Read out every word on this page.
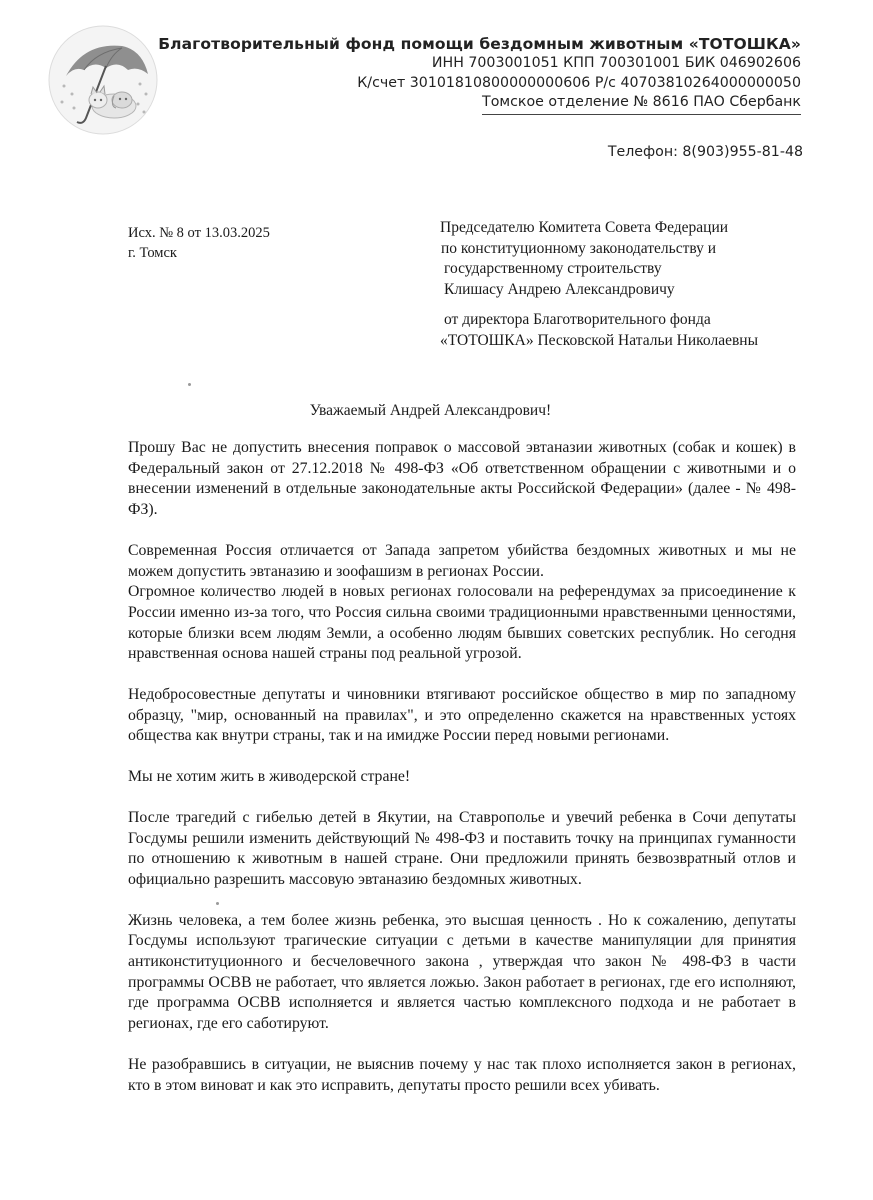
Благотворительный фонд помощи бездомным животным «ТОТОШКА»
ИНН 7003001051 КПП 700301001 БИК 046902606
К/счет 30101810800000000606 Р/с 40703810264000000050
Томское отделение № 8616 ПАО Сбербанк
Телефон: 8(903)955-81-48
Исх. № 8 от 13.03.2025
г. Томск
Председателю Комитета Совета Федерации
по конституционному законодательству и
государственному строительству
Клишасу Андрею Александровичу
от директора Благотворительного фонда
«ТОТОШКА» Песковской Натальи Николаевны
Уважаемый Андрей Александрович!

Прошу Вас не допустить внесения поправок о массовой эвтаназии животных (собак и кошек) в Федеральный закон от 27.12.2018 № 498-ФЗ «Об ответственном обращении с животными и о внесении изменений в отдельные законодательные акты Российской Федерации» (далее - № 498-ФЗ).

Современная Россия отличается от Запада запретом убийства бездомных животных и мы не можем допустить эвтаназию и зоофашизм в регионах России.

Огромное количество людей в новых регионах голосовали на референдумах за присоединение к России именно из-за того, что Россия сильна своими традиционными нравственными ценностями, которые близки всем людям Земли, а особенно людям бывших советских республик. Но сегодня нравственная основа нашей страны под реальной угрозой.

Недобросовестные депутаты и чиновники втягивают российское общество в мир по западному образцу, "мир, основанный на правилах", и это определенно скажется на нравственных устоях общества как внутри страны, так и на имидже России перед новыми регионами.

Мы не хотим жить в живодерской стране!

После трагедий с гибелью детей в Якутии, на Ставрополье и увечий ребенка в Сочи депутаты Госдумы решили изменить действующий № 498-ФЗ и поставить точку на принципах гуманности по отношению к животным в нашей стране. Они предложили принять безвозвратный отлов и официально разрешить массовую эвтаназию бездомных животных.

Жизнь человека, а тем более жизнь ребенка, это высшая ценность . Но к сожалению, депутаты Госдумы используют трагические ситуации с детьми в качестве манипуляции для принятия антиконституционного и бесчеловечного закона , утверждая что закон № 498-ФЗ в части программы ОСВВ не работает, что является ложью. Закон работает в регионах, где его исполняют, где программа ОСВВ исполняется и является частью комплексного подхода и не работает в регионах, где его саботируют.

Не разобравшись в ситуации, не выяснив почему у нас так плохо исполняется закон в регионах, кто в этом виноват и как это исправить, депутаты просто решили всех убивать.
